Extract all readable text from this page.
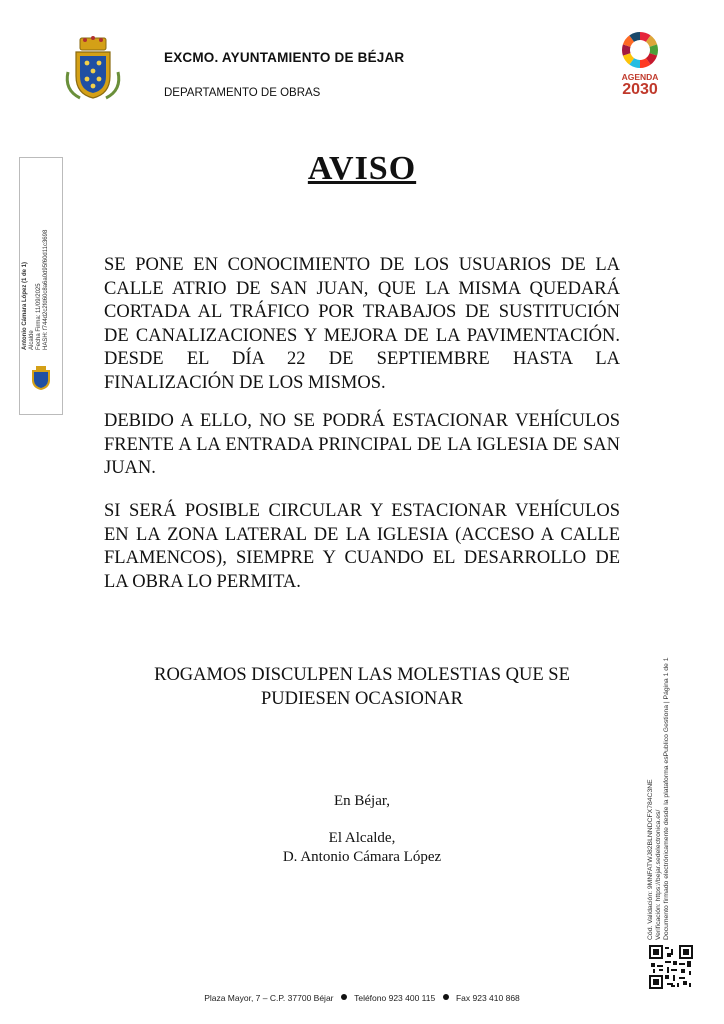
EXCMO. AYUNTAMIENTO DE BÉJAR
DEPARTAMENTO DE OBRAS
AGENDA
2030
Antonio Cámara López (1 de 1) Alcalde Fecha Firma: 11/09/2025 HASH: f744d2c2fd60c8a6a0d95f60d11c3698
AVISO

SE PONE EN CONOCIMIENTO DE LOS USUARIOS DE LA CALLE ATRIO DE SAN JUAN, QUE LA MISMA QUEDARÁ CORTADA AL TRÁFICO POR TRABAJOS DE SUSTITUCIÓN DE CANALIZACIONES Y MEJORA DE LA PAVIMENTACIÓN. DESDE EL DÍA 22 DE SEPTIEMBRE HASTA LA FINALIZACIÓN DE LOS MISMOS.

DEBIDO A ELLO, NO SE PODRÁ ESTACIONAR VEHÍCULOS FRENTE A LA ENTRADA PRINCIPAL DE LA IGLESIA DE SAN JUAN.

SI SERÁ POSIBLE CIRCULAR Y ESTACIONAR VEHÍCULOS EN LA ZONA LATERAL DE LA IGLESIA (ACCESO A CALLE FLAMENCOS), SIEMPRE Y CUANDO EL DESARROLLO DE LA OBRA LO PERMITA.

ROGAMOS DISCULPEN LAS MOLESTIAS QUE SE
PUDIESEN OCASIONAR
En Béjar,
El Alcalde,
D. Antonio Cámara López	Cód. Validación: 9MNFATWJ82BLNNDCFX784C3NE Verificación: https://bejar.sedelectronica.es/ Documento firmado electrónicamente desde la plataforma esPublico Gestiona | Página 1 de 1
Plaza Mayor, 7 – C.P. 37700 Béjar Teléfono 923 400 115 Fax 923 410 868
